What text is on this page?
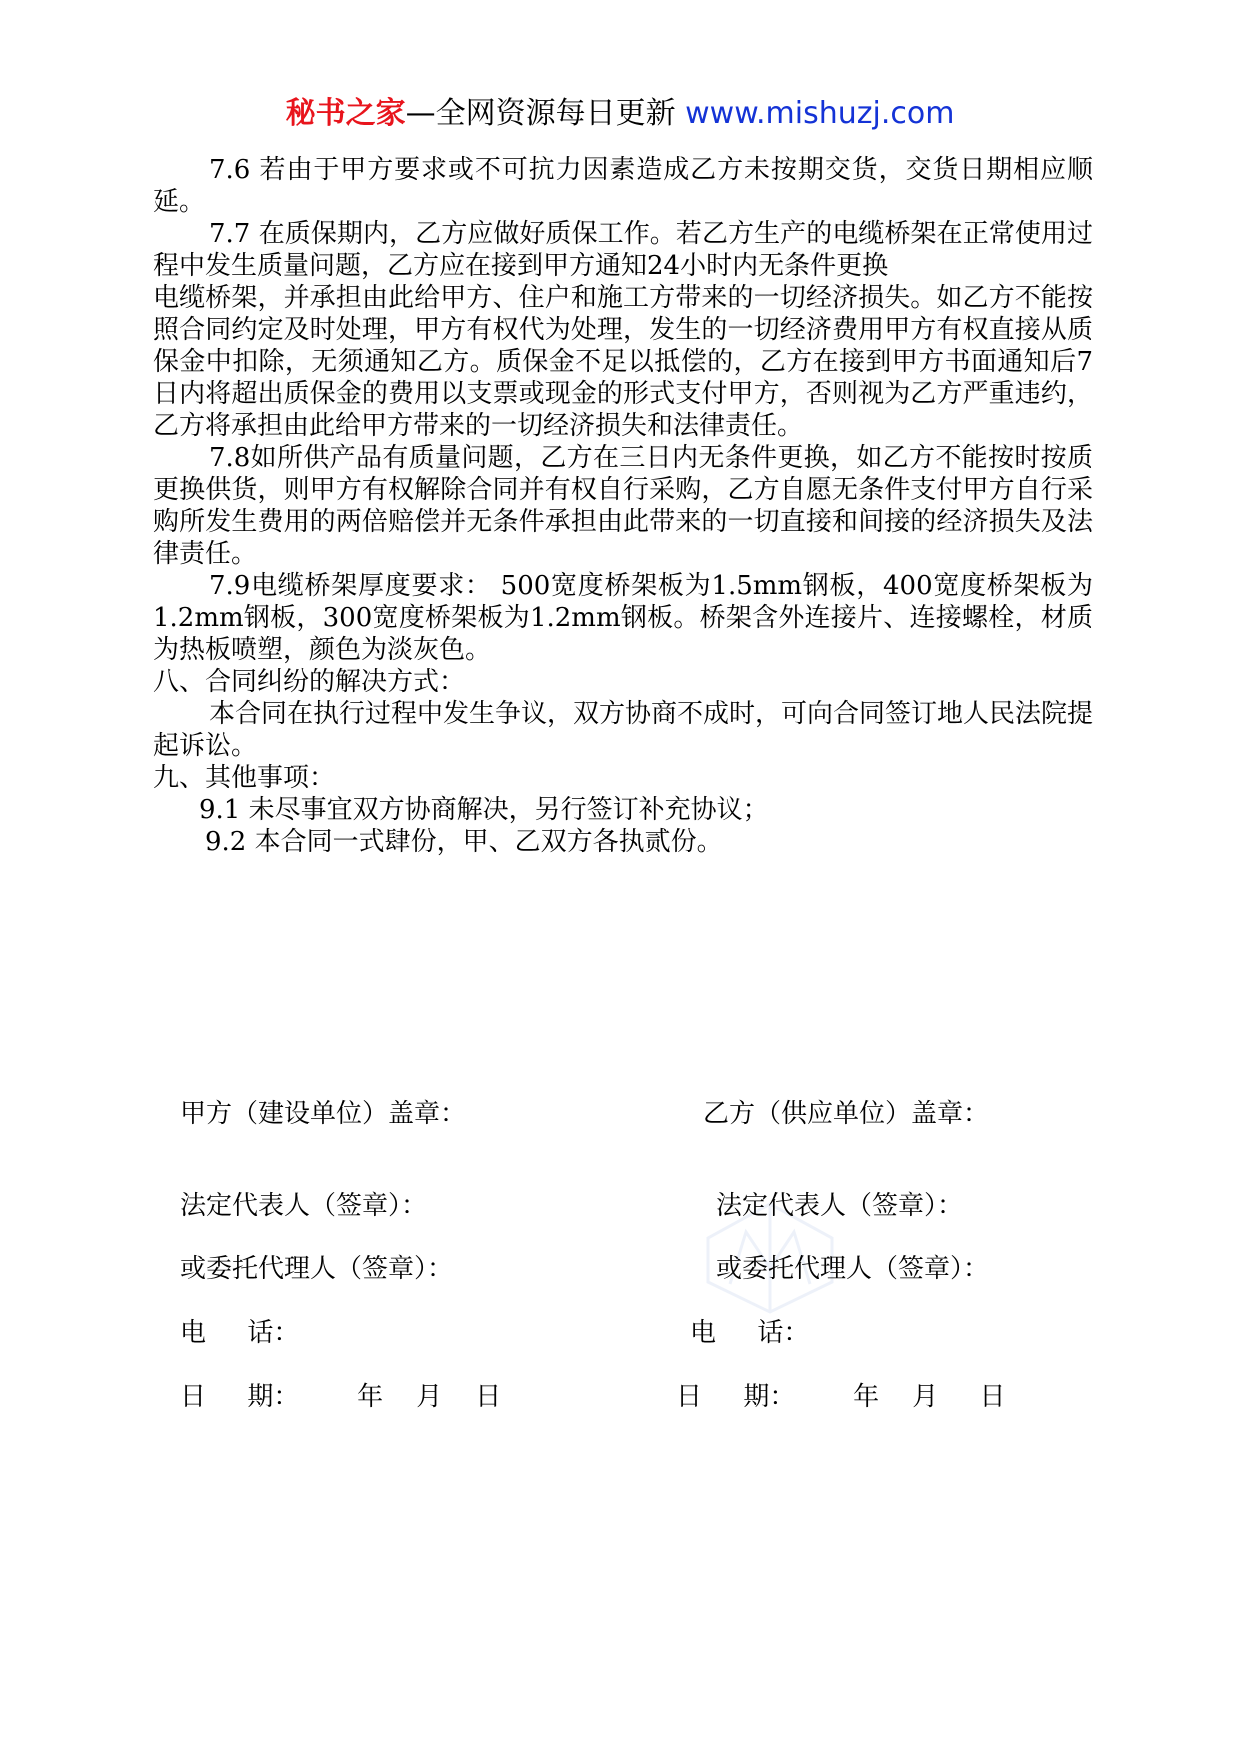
秘书之家—全网资源每日更新 www.mishuzj.com

7.6 若由于甲方要求或不可抗力因素造成乙方未按期交货，交货日期相应顺延。

7.7 在质保期内，乙方应做好质保工作。若乙方生产的电缆桥架在正常使用过程中发生质量问题，乙方应在接到甲方通知24小时内无条件更换

电缆桥架，并承担由此给甲方、住户和施工方带来的一切经济损失。如乙方不能按照合同约定及时处理，甲方有权代为处理，发生的一切经济费用甲方有权直接从质保金中扣除，无须通知乙方。质保金不足以抵偿的，乙方在接到甲方书面通知后7日内将超出质保金的费用以支票或现金的形式支付甲方，否则视为乙方严重违约，乙方将承担由此给甲方带来的一切经济损失和法律责任。

7.8如所供产品有质量问题，乙方在三日内无条件更换，如乙方不能按时按质更换供货，则甲方有权解除合同并有权自行采购，乙方自愿无条件支付甲方自行采购所发生费用的两倍赔偿并无条件承担由此带来的一切直接和间接的经济损失及法律责任。

7.9电缆桥架厚度要求： 500宽度桥架板为1.5mm钢板，400宽度桥架板为1.2mm钢板，300宽度桥架板为1.2mm钢板。桥架含外连接片、连接螺栓，材质为热板喷塑，颜色为淡灰色。

八、合同纠纷的解决方式：

本合同在执行过程中发生争议，双方协商不成时，可向合同签订地人民法院提起诉讼。

九、其他事项：

9.1 未尽事宜双方协商解决，另行签订补充协议；

9.2 本合同一式肆份，甲、乙双方各执贰份。

甲方（建设单位）盖章：	乙方（供应单位）盖章：
法定代表人（签章）：	法定代表人（签章）：
或委托代理人（签章）：	或委托代理人（签章）：
电     话：	电     话：
日     期：       年    月    日	日     期：       年    月     日
